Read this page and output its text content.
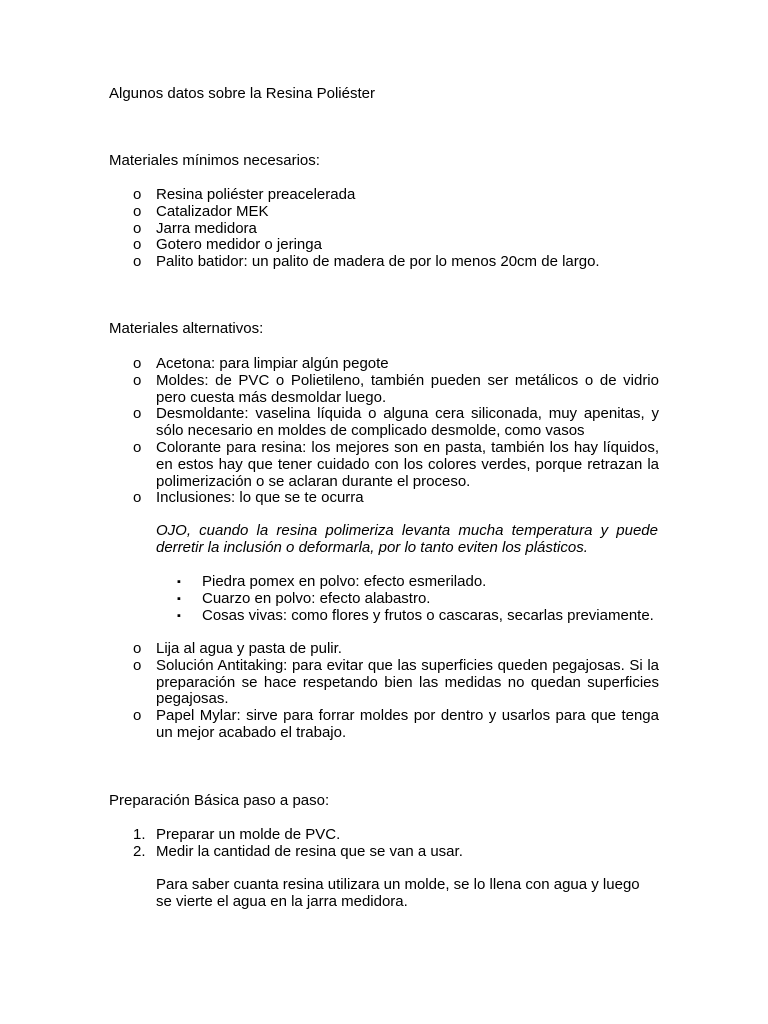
Algunos datos sobre la Resina Poliéster

Materiales mínimos necesarios:

o Resina poliéster preacelerada
o Catalizador MEK
o Jarra medidora
o Gotero medidor o jeringa
o Palito batidor: un palito de madera de por lo menos 20cm de largo.

Materiales alternativos:

o Acetona: para limpiar algún pegote
o Moldes: de PVC o Polietileno, también pueden ser metálicos o de vidrio pero cuesta más desmoldar luego.
o Desmoldante: vaselina líquida o alguna cera siliconada, muy apenitas, y sólo necesario en moldes de complicado desmolde, como vasos
o Colorante para resina: los mejores son en pasta, también los hay líquidos, en estos hay que tener cuidado con los colores verdes, porque retrazan la polimerización o se aclaran durante el proceso.
o Inclusiones: lo que se te ocurra

OJO, cuando la resina polimeriza levanta mucha temperatura y puede derretir la inclusión o deformarla, por lo tanto eviten los plásticos.

▪ Piedra pomex en polvo: efecto esmerilado.
▪ Cuarzo en polvo: efecto alabastro.
▪ Cosas vivas: como flores y frutos o cascaras, secarlas previamente.
o Lija al agua y pasta de pulir.
o Solución Antitaking: para evitar que las superficies queden pegajosas. Si la preparación se hace respetando bien las medidas no quedan superficies pegajosas.
o Papel Mylar: sirve para forrar moldes por dentro y usarlos para que tenga un mejor acabado el trabajo.

Preparación Básica paso a paso:

1. Preparar un molde de PVC.
2. Medir la cantidad de resina que se van a usar.

Para saber cuanta resina utilizara un molde, se lo llena con agua y luego se vierte el agua en la jarra medidora.
